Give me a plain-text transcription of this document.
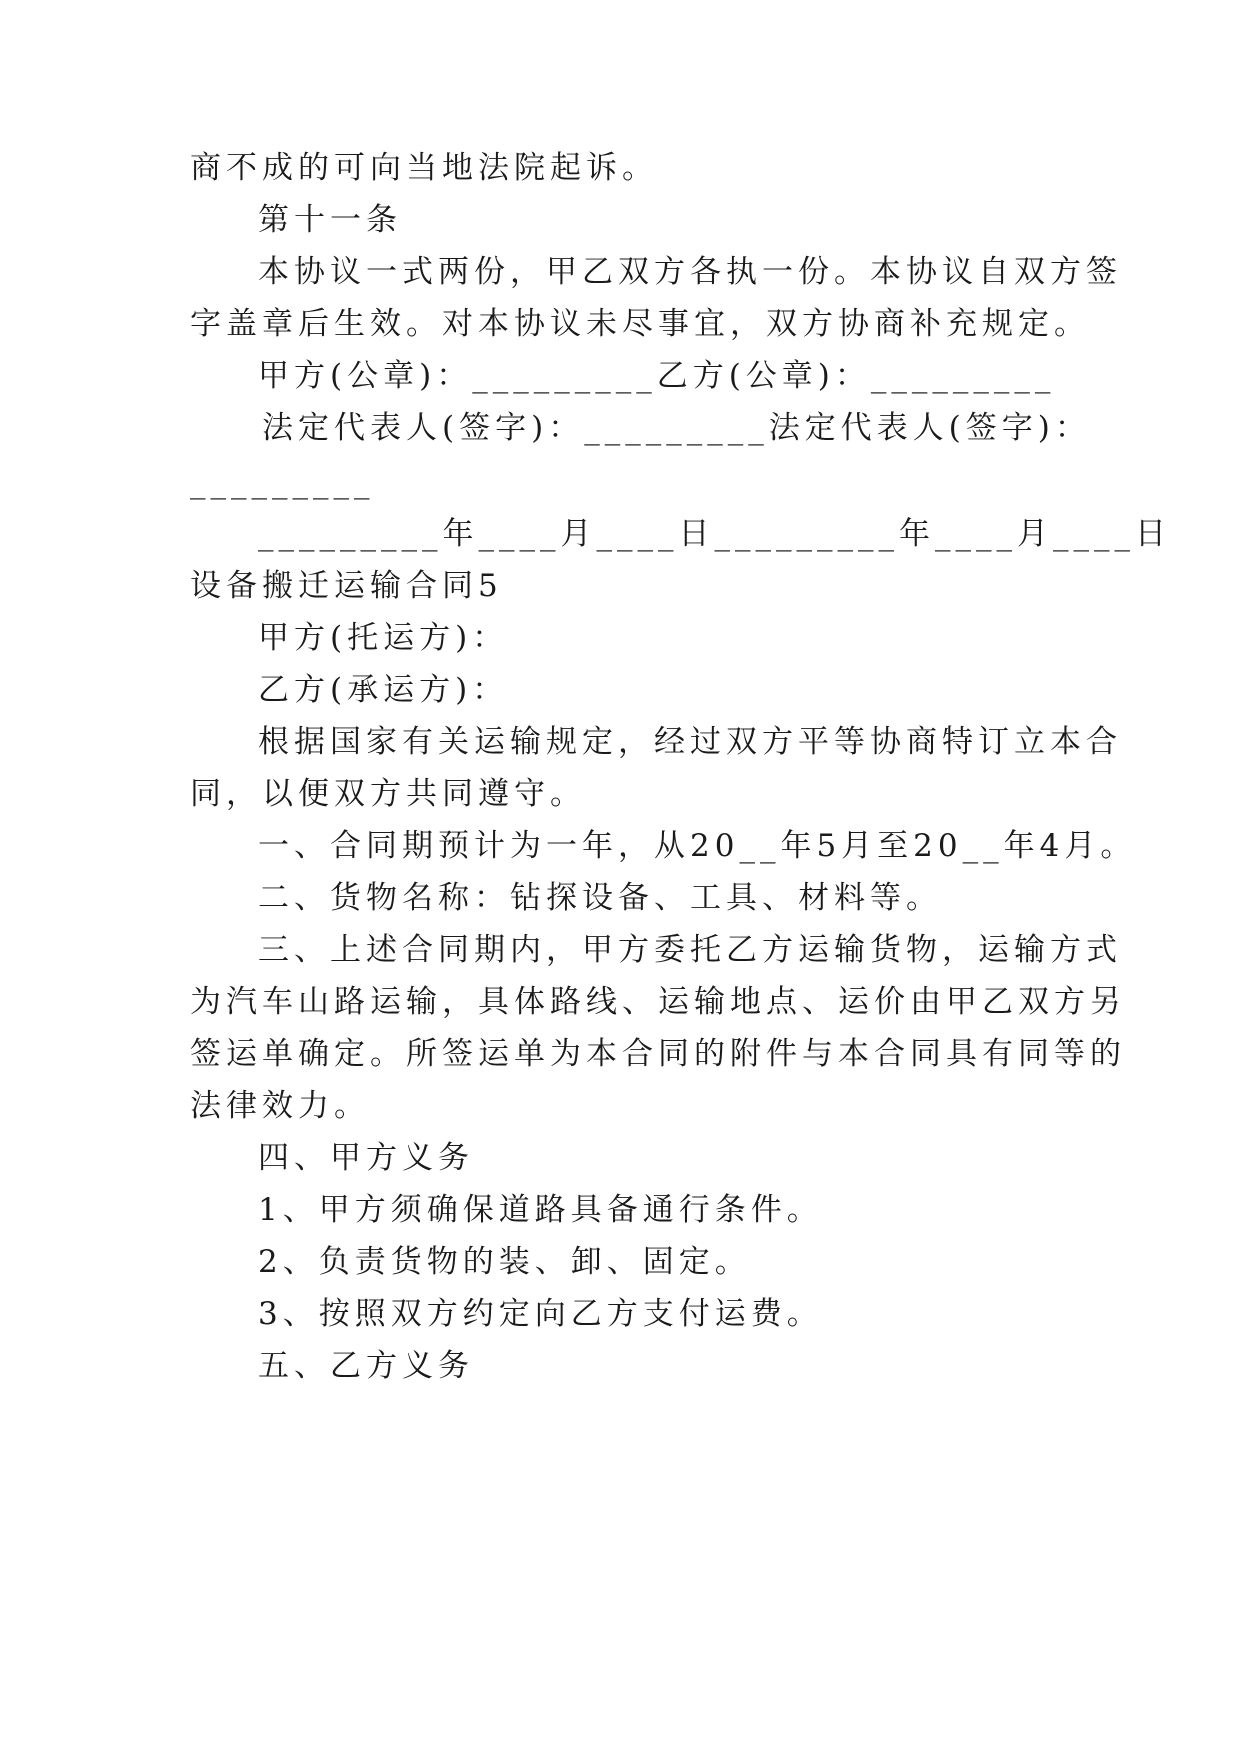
商不成的可向当地法院起诉。
第十一条
本协议一式两份，甲乙双方各执一份。本协议自双方签
字盖章后生效。对本协议未尽事宜，双方协商补充规定。
甲方(公章)：_________乙方(公章)：_________
法定代表人(签字)：_________法定代表人(签字)：
_________
_________年____月____日_________年____月____日
设备搬迁运输合同5
甲方(托运方)：
乙方(承运方)：
根据国家有关运输规定，经过双方平等协商特订立本合
同，以便双方共同遵守。
一、合同期预计为一年，从20__年5月至20__年4月。
二、货物名称：钻探设备、工具、材料等。
三、上述合同期内，甲方委托乙方运输货物，运输方式
为汽车山路运输，具体路线、运输地点、运价由甲乙双方另
签运单确定。所签运单为本合同的附件与本合同具有同等的
法律效力。
四、甲方义务
1、甲方须确保道路具备通行条件。
2、负责货物的装、卸、固定。
3、按照双方约定向乙方支付运费。
五、乙方义务
